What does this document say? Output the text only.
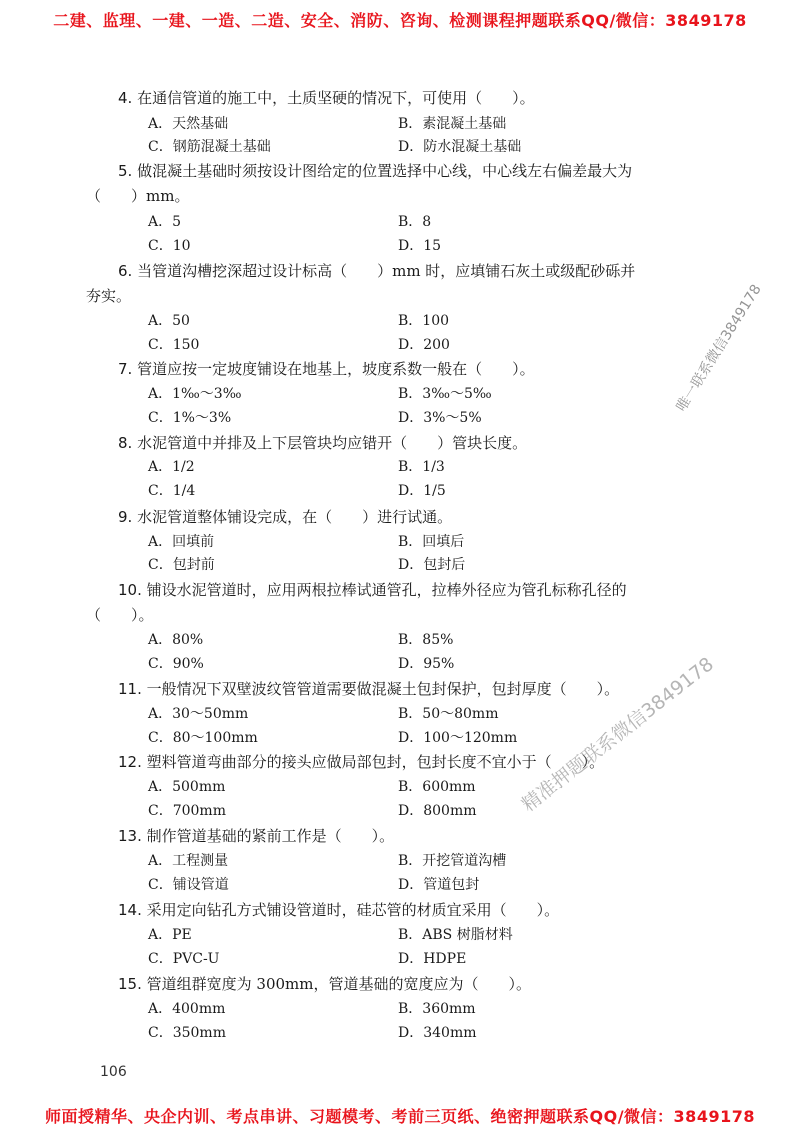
二建、监理、一建、一造、二造、安全、消防、咨询、检测课程押题联系QQ/微信：3849178
4. 在通信管道的施工中，土质坚硬的情况下，可使用（　　）。
A．天然基础	B．素混凝土基础
C．钢筋混凝土基础	D．防水混凝土基础
5. 做混凝土基础时须按设计图给定的位置选择中心线，中心线左右偏差最大为
（　　）mm。
A．5	B．8
C．10	D．15
6. 当管道沟槽挖深超过设计标高（　　）mm 时，应填铺石灰土或级配砂砾并
夯实。
A．50	B．100
C．150	D．200
7. 管道应按一定坡度铺设在地基上，坡度系数一般在（　　）。
A．1‰～3‰	B．3‰～5‰
C．1%～3%	D．3%～5%
8. 水泥管道中并排及上下层管块均应错开（　　）管块长度。
A．1/2	B．1/3
C．1/4	D．1/5
9. 水泥管道整体铺设完成，在（　　）进行试通。
A．回填前	B．回填后
C．包封前	D．包封后
10. 铺设水泥管道时，应用两根拉棒试通管孔，拉棒外径应为管孔标称孔径的
（　　）。
A．80%	B．85%
C．90%	D．95%
11. 一般情况下双壁波纹管管道需要做混凝土包封保护，包封厚度（　　）。
A．30～50mm	B．50～80mm
C．80～100mm	D．100～120mm
12. 塑料管道弯曲部分的接头应做局部包封，包封长度不宜小于（　　）。
A．500mm	B．600mm
C．700mm	D．800mm
13. 制作管道基础的紧前工作是（　　）。
A．工程测量	B．开挖管道沟槽
C．铺设管道	D．管道包封
14. 采用定向钻孔方式铺设管道时，硅芯管的材质宜采用（　　）。
A．PE	B．ABS 树脂材料
C．PVC-U	D．HDPE
15. 管道组群宽度为 300mm，管道基础的宽度应为（　　）。
A．400mm	B．360mm
C．350mm	D．340mm
唯一联系微信3849178
精准押题联系微信3849178
106
师面授精华、央企内训、考点串讲、习题模考、考前三页纸、绝密押题联系QQ/微信：3849178
